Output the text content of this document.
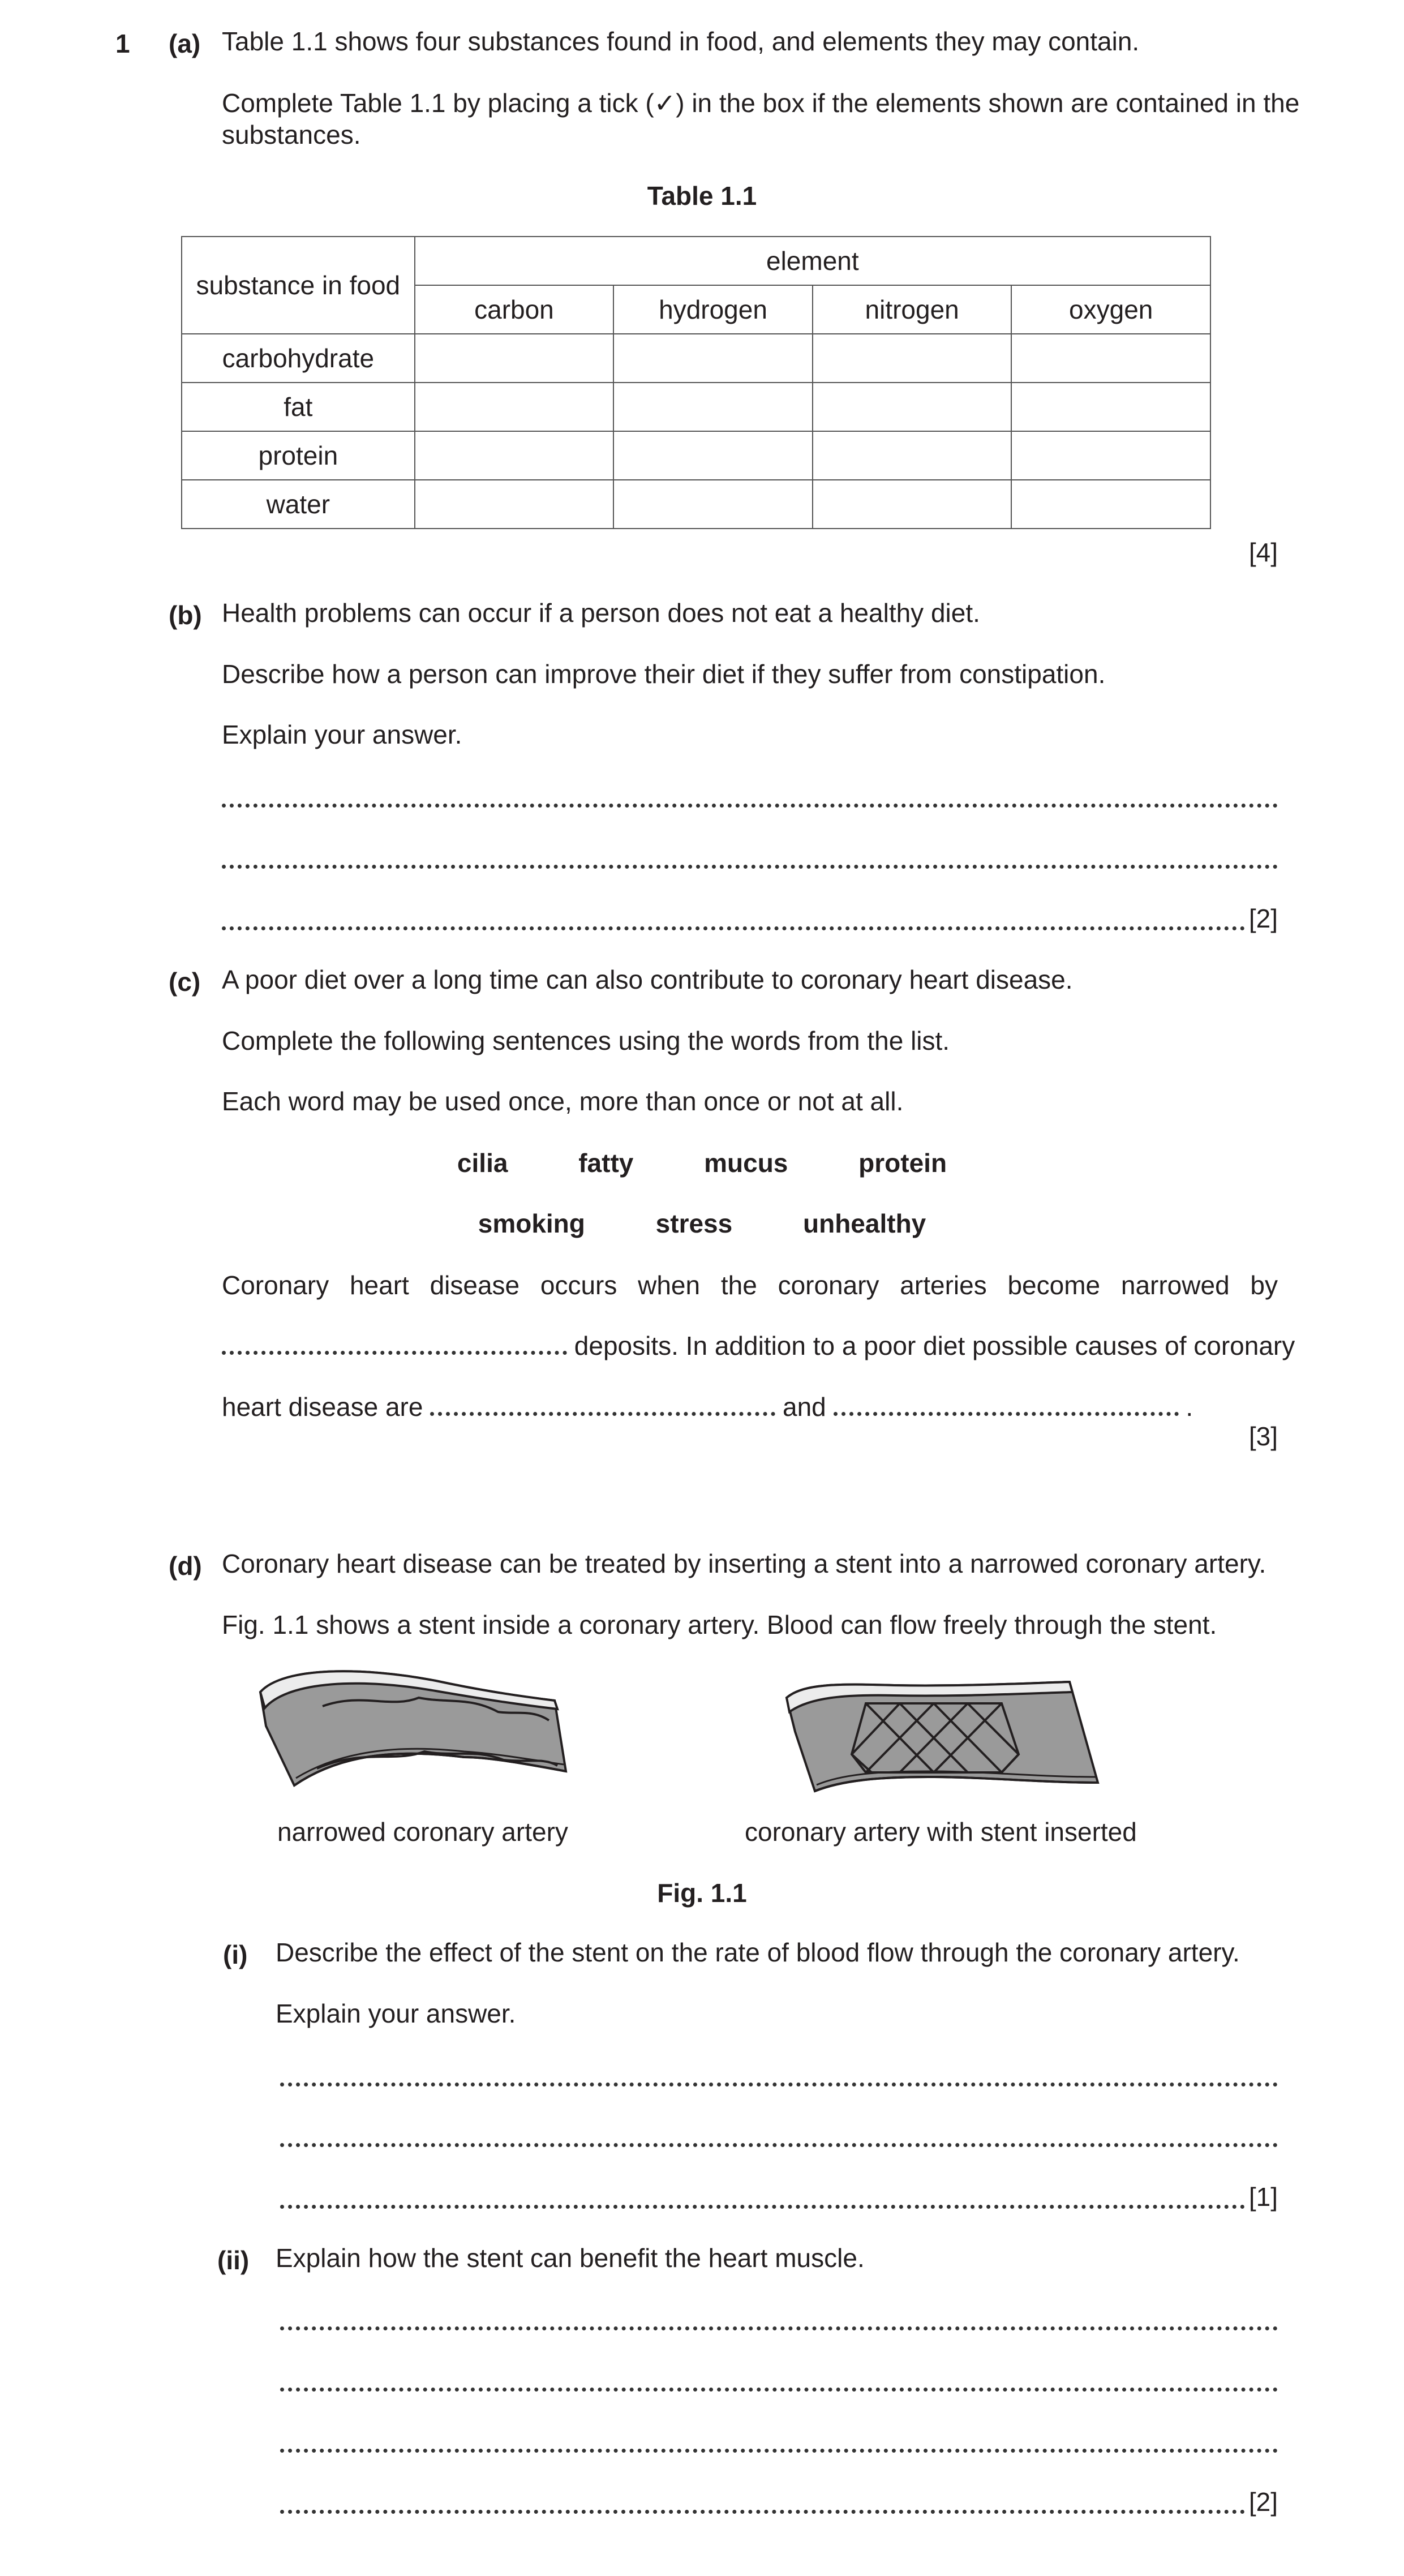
1 (a) Table 1.1 shows four substances found in food, and elements they may contain.
Complete Table 1.1 by placing a tick (✓) in the box if the elements shown are contained in the
substances.
Table 1.1
substance in food	element			
	carbon	hydrogen	nitrogen	oxygen
carbohydrate				
fat				
protein				
water				
[4]
(b) Health problems can occur if a person does not eat a healthy diet.
Describe how a person can improve their diet if they suffer from constipation.
Explain your answer.
[2]
(c) A poor diet over a long time can also contribute to coronary heart disease.
Complete the following sentences using the words from the list.
Each word may be used once, more than once or not at all.
cilia	fatty	mucus	protein
smoking	stress	unhealthy
Coronary heart disease occurs when the coronary arteries become narrowed by
deposits. In addition to a poor diet possible causes of coronary
heart disease are	and	.
[3]
(d) Coronary heart disease can be treated by inserting a stent into a narrowed coronary artery.
Fig. 1.1 shows a stent inside a coronary artery. Blood can flow freely through the stent.
narrowed coronary artery	coronary artery with stent inserted
Fig. 1.1
(i) Describe the effect of the stent on the rate of blood flow through the coronary artery.
Explain your answer.
[1]
(ii) Explain how the stent can benefit the heart muscle.
[2]
